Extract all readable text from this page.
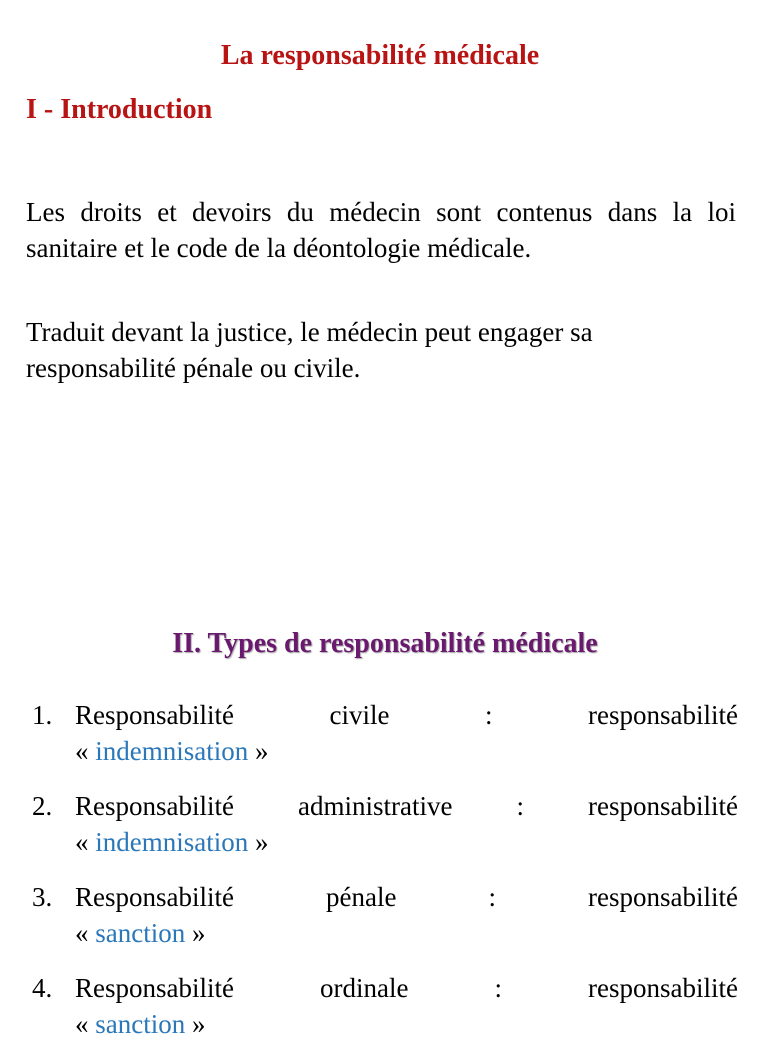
La responsabilité médicale
I - Introduction

Les droits et devoirs du médecin sont contenus dans la loi sanitaire et le code de la déontologie médicale.

Traduit devant la justice, le médecin peut engager sa responsabilité pénale ou civile.

II. Types de responsabilité médicale
1. Responsabilité	civile	:	responsabilité
« indemnisation »
2. Responsabilité administrative : responsabilité
« indemnisation »
3. Responsabilité	pénale	:	responsabilité
« sanction »
4. Responsabilité	ordinale	:	responsabilité
« sanction »
